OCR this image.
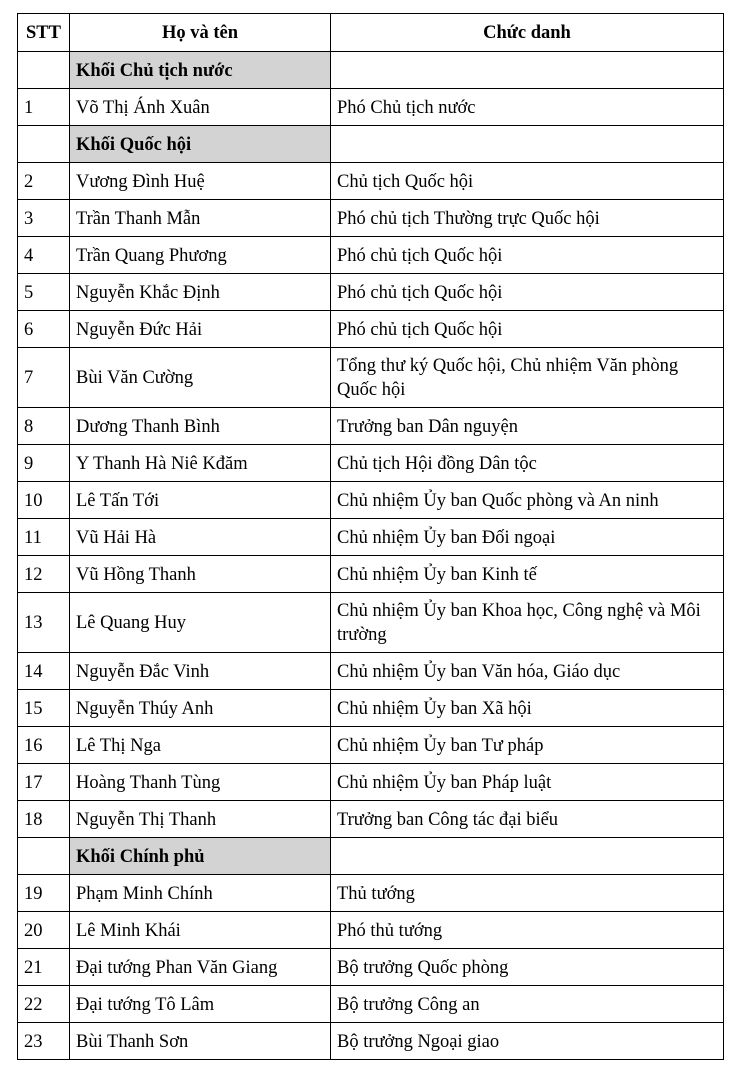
STT	Họ và tên	Chức danh
	Khối Chủ tịch nước	
1	Võ Thị Ánh Xuân	Phó Chủ tịch nước
	Khối Quốc hội	
2	Vương Đình Huệ	Chủ tịch Quốc hội
3	Trần Thanh Mẫn	Phó chủ tịch Thường trực Quốc hội
4	Trần Quang Phương	Phó chủ tịch Quốc hội
5	Nguyễn Khắc Định	Phó chủ tịch Quốc hội
6	Nguyễn Đức Hải	Phó chủ tịch Quốc hội
7	Bùi Văn Cường	Tổng thư ký Quốc hội, Chủ nhiệm Văn phòng Quốc hội
8	Dương Thanh Bình	Trưởng ban Dân nguyện
9	Y Thanh Hà Niê Kđăm	Chủ tịch Hội đồng Dân tộc
10	Lê Tấn Tới	Chủ nhiệm Ủy ban Quốc phòng và An ninh
11	Vũ Hải Hà	Chủ nhiệm Ủy ban Đối ngoại
12	Vũ Hồng Thanh	Chủ nhiệm Ủy ban Kinh tế
13	Lê Quang Huy	Chủ nhiệm Ủy ban Khoa học, Công nghệ và Môi trường
14	Nguyễn Đắc Vinh	Chủ nhiệm Ủy ban Văn hóa, Giáo dục
15	Nguyễn Thúy Anh	Chủ nhiệm Ủy ban Xã hội
16	Lê Thị Nga	Chủ nhiệm Ủy ban Tư pháp
17	Hoàng Thanh Tùng	Chủ nhiệm Ủy ban Pháp luật
18	Nguyễn Thị Thanh	Trưởng ban Công tác đại biểu
	Khối Chính phủ	
19	Phạm Minh Chính	Thủ tướng
20	Lê Minh Khái	Phó thủ tướng
21	Đại tướng Phan Văn Giang	Bộ trưởng Quốc phòng
22	Đại tướng Tô Lâm	Bộ trưởng Công an
23	Bùi Thanh Sơn	Bộ trưởng Ngoại giao
